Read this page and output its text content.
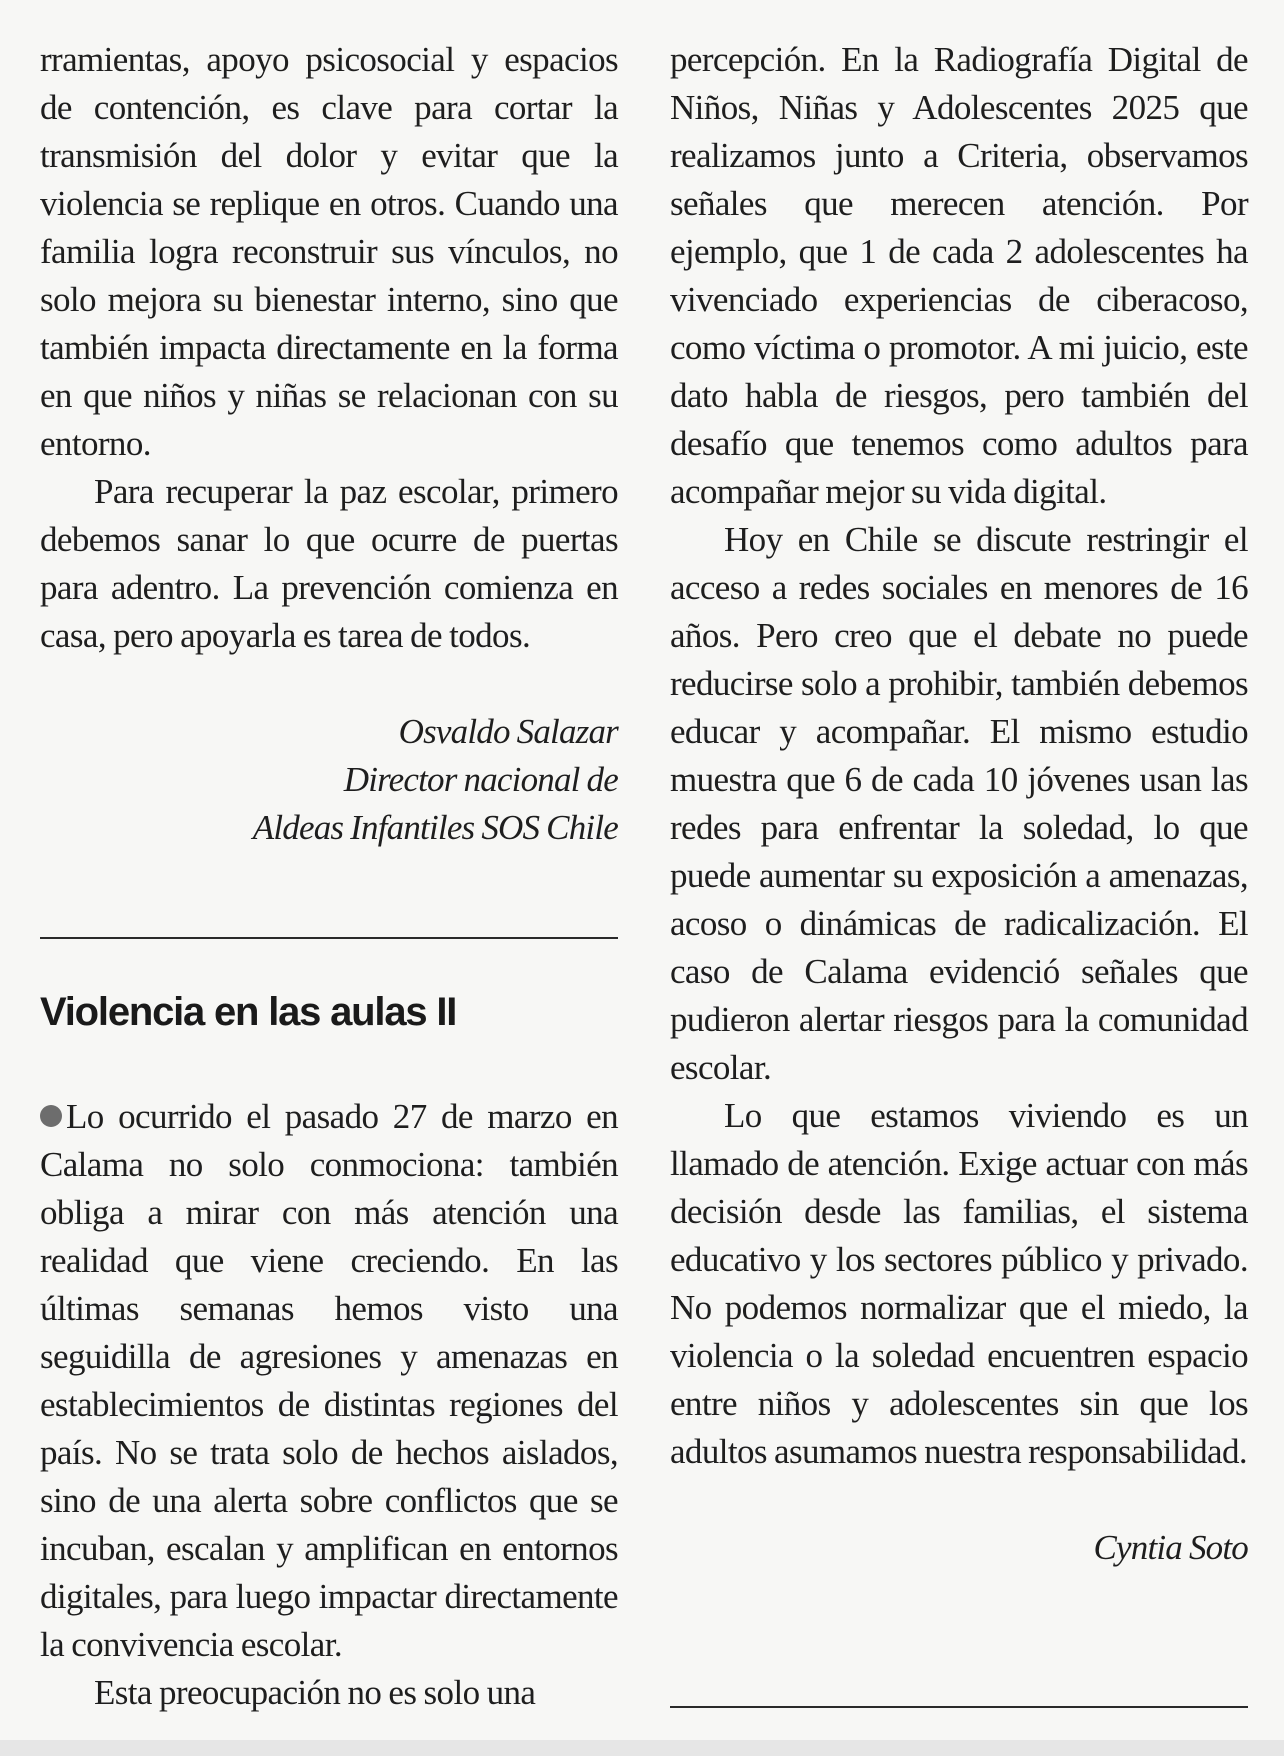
rramientas, apoyo psicosocial y espacios de contención, es clave para cortar la transmisión del dolor y evitar que la violencia se replique en otros. Cuando una familia logra reconstruir sus vínculos, no solo mejora su bienestar interno, sino que también impacta directamente en la forma en que niños y niñas se relacionan con su entorno.

Para recuperar la paz escolar, primero debemos sanar lo que ocurre de puertas para adentro. La prevención comienza en casa, pero apoyarla es tarea de todos.

Osvaldo Salazar
Director nacional de
Aldeas Infantiles SOS Chile
Violencia en las aulas II

Lo ocurrido el pasado 27 de marzo en Calama no solo conmociona: también obliga a mirar con más atención una realidad que viene creciendo. En las últimas semanas hemos visto una seguidilla de agresiones y amenazas en establecimientos de distintas regiones del país. No se trata solo de hechos aislados, sino de una alerta sobre conflictos que se incuban, escalan y amplifican en entornos digitales, para luego impactar directamente la convivencia escolar.

Esta preocupación no es solo una

percepción. En la Radiografía Digital de Niños, Niñas y Adolescentes 2025 que realizamos junto a Criteria, observamos señales que merecen atención. Por ejemplo, que 1 de cada 2 adolescentes ha vivenciado experiencias de ciberacoso, como víctima o promotor. A mi juicio, este dato habla de riesgos, pero también del desafío que tenemos como adultos para acompañar mejor su vida digital.

Hoy en Chile se discute restringir el acceso a redes sociales en menores de 16 años. Pero creo que el debate no puede reducirse solo a prohibir, también debemos educar y acompañar. El mismo estudio muestra que 6 de cada 10 jóvenes usan las redes para enfrentar la soledad, lo que puede aumentar su exposición a amenazas, acoso o dinámicas de radicalización. El caso de Calama evidenció señales que pudieron alertar riesgos para la comunidad escolar.

Lo que estamos viviendo es un llamado de atención. Exige actuar con más decisión desde las familias, el sistema educativo y los sectores público y privado. No podemos normalizar que el miedo, la violencia o la soledad encuentren espacio entre niños y adolescentes sin que los adultos asumamos nuestra responsabilidad.

Cyntia Soto
